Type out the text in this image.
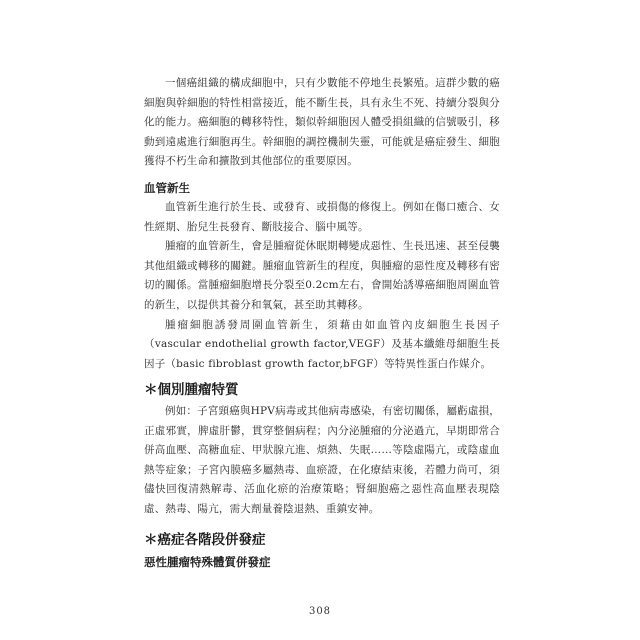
一個癌組織的構成細胞中，只有少數能不停地生長繁殖。這群少數的癌細胞與幹細胞的特性相當接近，能不斷生長，具有永生不死、持續分裂與分化的能力。癌細胞的轉移特性，類似幹細胞因人體受損組織的信號吸引，移動到遠處進行細胞再生。幹細胞的調控機制失靈，可能就是癌症發生、細胞獲得不朽生命和擴散到其他部位的重要原因。

血管新生

血管新生進行於生長、或發育、或損傷的修復上。例如在傷口癒合、女性經期、胎兒生長發育、斷肢接合、腦中風等。

腫瘤的血管新生，會是腫瘤從休眠期轉變成惡性、生長迅速、甚至侵襲其他組織或轉移的關鍵。腫瘤血管新生的程度，與腫瘤的惡性度及轉移有密切的關係。當腫瘤細胞增長分裂至0.2cm左右，會開始誘導癌細胞周圍血管的新生，以提供其養分和氧氣，甚至助其轉移。

腫瘤細胞誘發周圍血管新生，須藉由如血管內皮細胞生長因子（vascular endothelial growth factor,VEGF）及基本纖維母細胞生長因子（basic fibroblast growth factor,bFGF）等特異性蛋白作媒介。

＊個別腫瘤特質

例如：子宮頸癌與HPV病毒或其他病毒感染，有密切關係，屬虧虛損，正虛邪實，脾虛肝鬱，貫穿整個病程；內分泌腫瘤的分泌過亢，早期即常合併高血壓、高糖血症、甲狀腺亢進、煩熱、失眠……等陰虛陽亢，或陰虛血熱等症象；子宮內膜癌多屬熱毒、血瘀證，在化療結束後，若體力尚可，須儘快回復清熱解毒、活血化瘀的治療策略；腎細胞癌之惡性高血壓表現陰虛、熱毒、陽亢，需大劑量養陰退熱、重鎮安神。

＊癌症各階段併發症
惡性腫瘤特殊體質併發症
308
